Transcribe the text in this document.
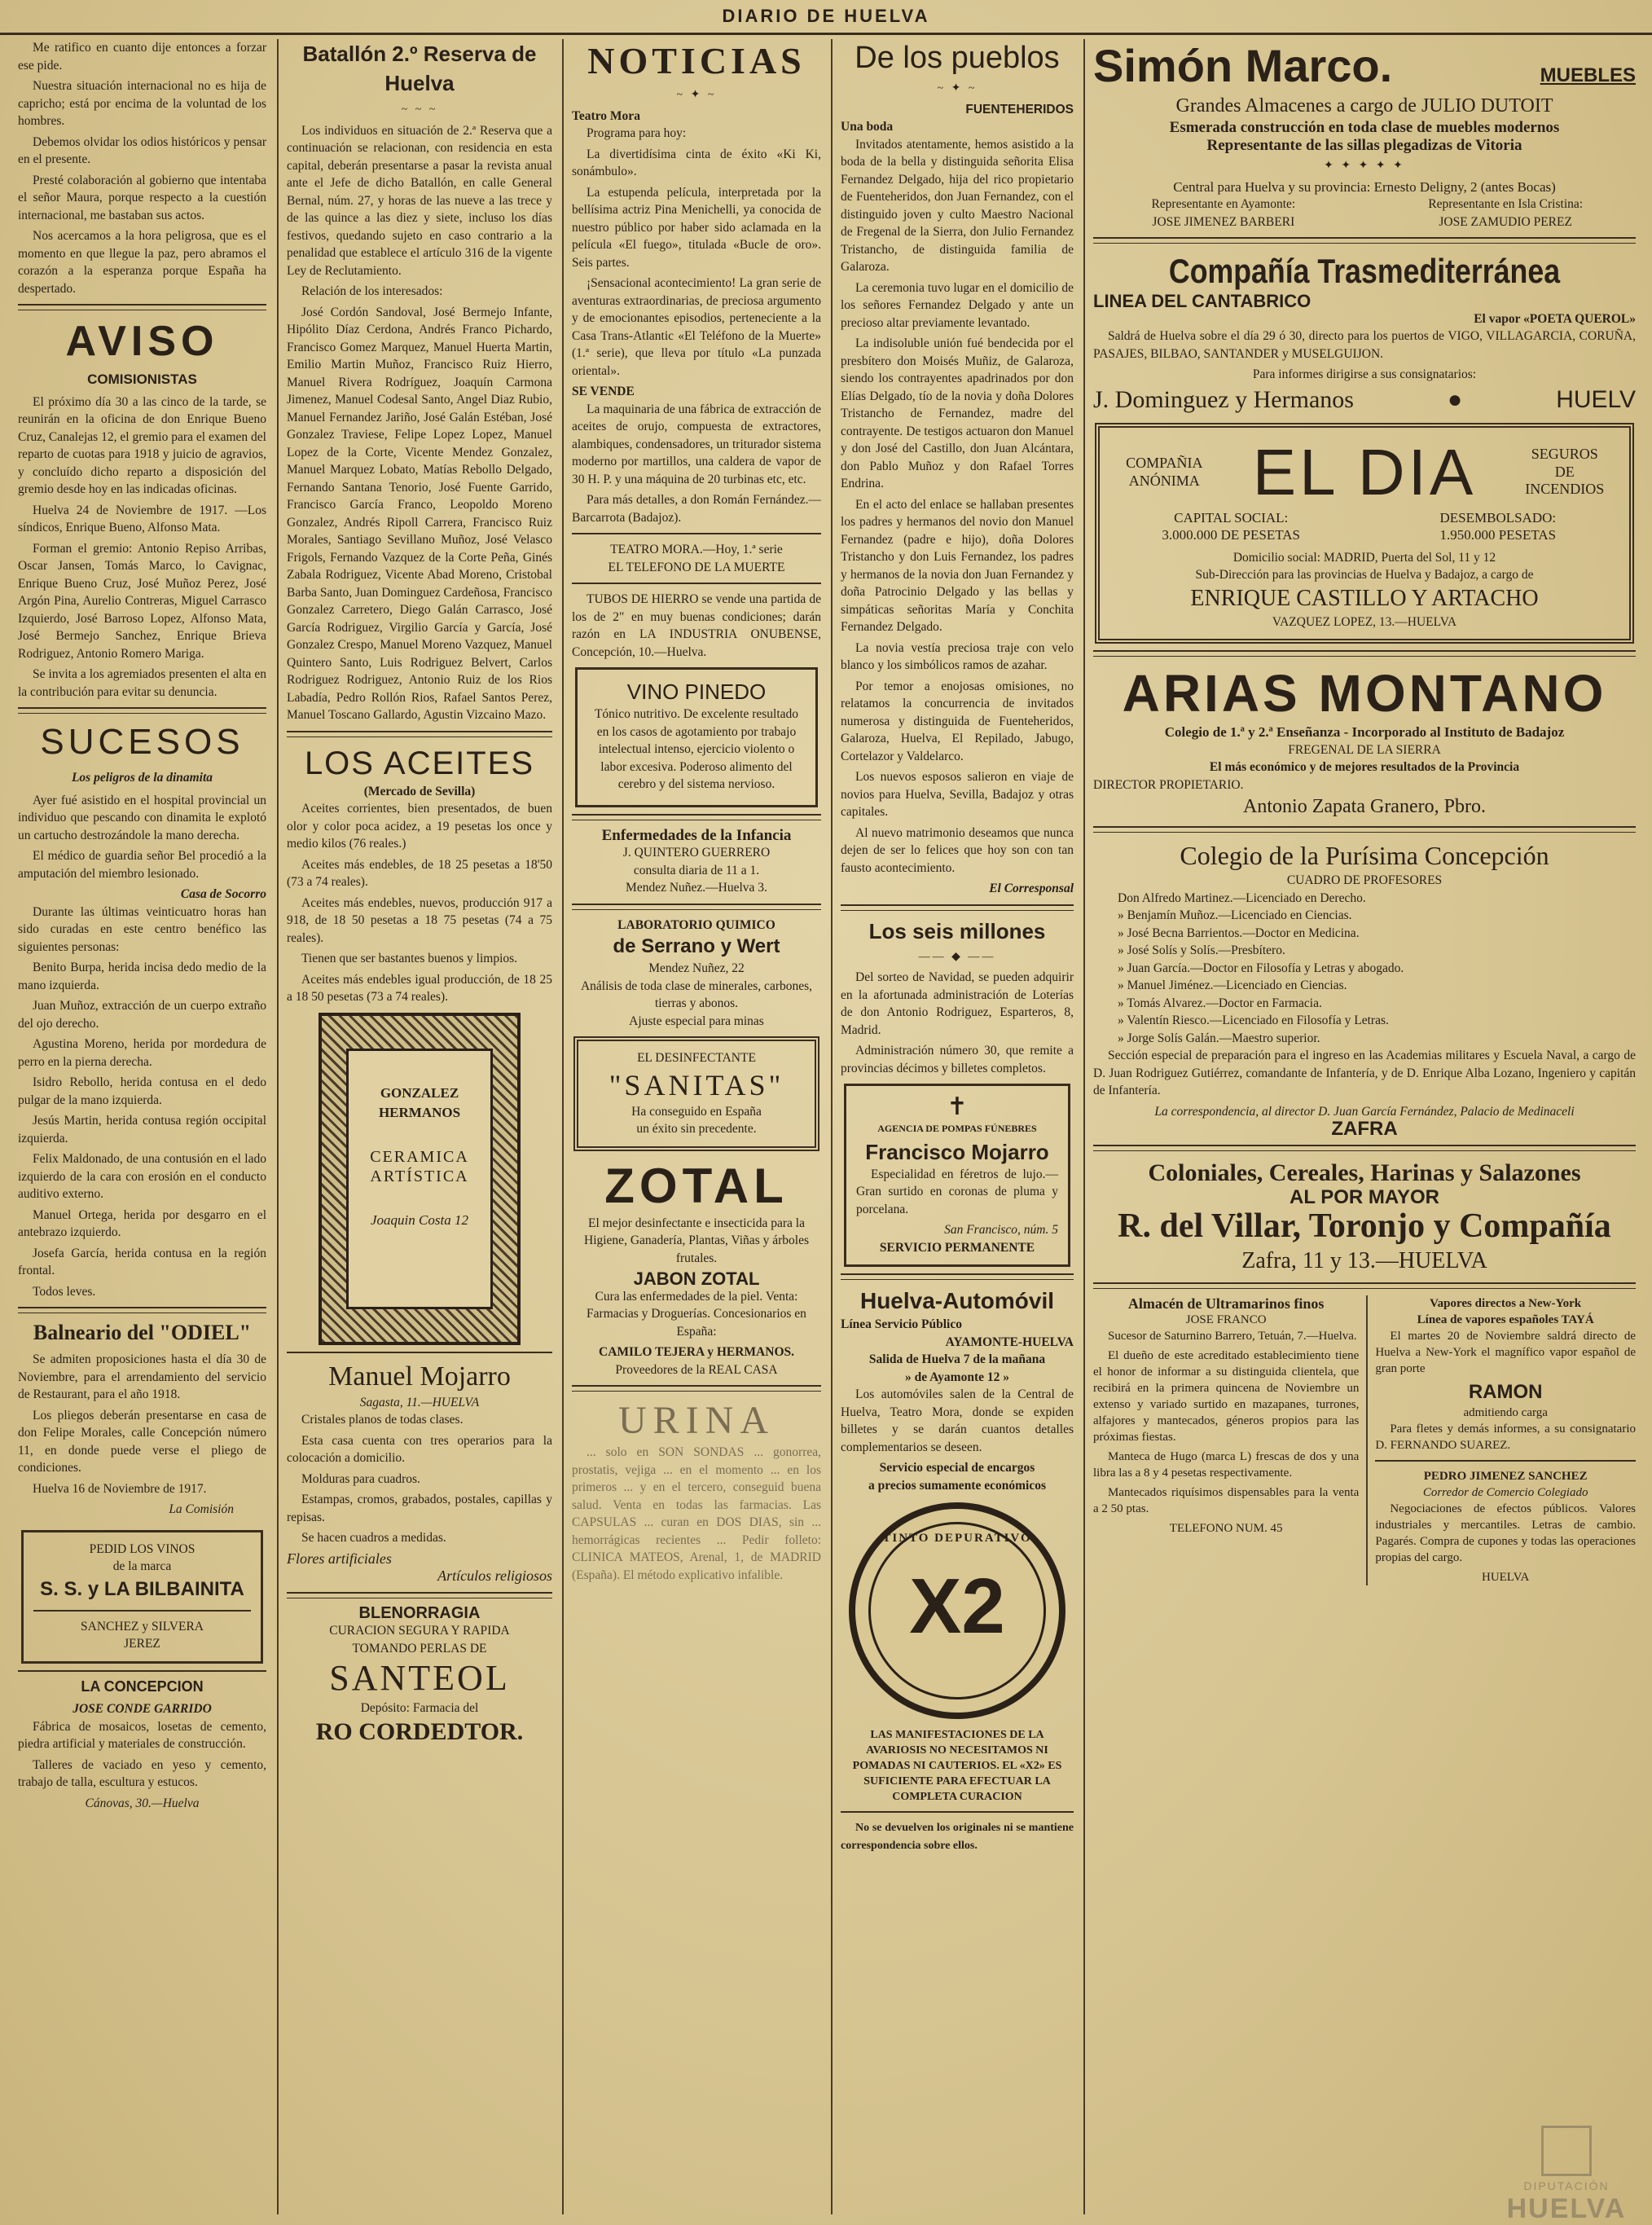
DIARIO DE HUELVA

Me ratifico en cuanto dije entonces a forzar ese pide.

Nuestra situación internacional no es hija de capricho; está por encima de la voluntad de los hombres.

Debemos olvidar los odios históricos y pensar en el presente.

Presté colaboración al gobierno que intentaba el señor Maura, porque respecto a la cuestión internacional, me bastaban sus actos.

Nos acercamos a la hora peligrosa, que es el momento en que llegue la paz, pero abramos el corazón a la esperanza porque España ha despertado.

AVISO
COMISIONISTAS

El próximo día 30 a las cinco de la tarde, se reunirán en la oficina de don Enrique Bueno Cruz, Canalejas 12, el gremio para el examen del reparto de cuotas para 1918 y juicio de agravios, y concluído dicho reparto a disposición del gremio desde hoy en las indicadas oficinas.

Huelva 24 de Noviembre de 1917. —Los síndicos, Enrique Bueno, Alfonso Mata.

Forman el gremio: Antonio Repiso Arribas, Oscar Jansen, Tomás Marco, lo Cavignac, Enrique Bueno Cruz, José Muñoz Perez, José Argón Pina, Aurelio Contreras, Miguel Carrasco Izquierdo, José Barroso Lopez, Alfonso Mata, José Bermejo Sanchez, Enrique Brieva Rodriguez, Antonio Romero Mariga.

Se invita a los agremiados presenten el alta en la contribución para evitar su denuncia.

SUCESOS
Los peligros de la dinamita

Ayer fué asistido en el hospital provincial un individuo que pescando con dinamita le explotó un cartucho destrozándole la mano derecha.

El médico de guardia señor Bel procedió a la amputación del miembro lesionado.

Casa de Socorro

Durante las últimas veinticuatro horas han sido curadas en este centro benéfico las siguientes personas:

Benito Burpa, herida incisa dedo medio de la mano izquierda.

Juan Muñoz, extracción de un cuerpo extraño del ojo derecho.

Agustina Moreno, herida por mordedura de perro en la pierna derecha.

Isidro Rebollo, herida contusa en el dedo pulgar de la mano izquierda.

Jesús Martin, herida contusa región occipital izquierda.

Felix Maldonado, de una contusión en el lado izquierdo de la cara con erosión en el conducto auditivo externo.

Manuel Ortega, herida por desgarro en el antebrazo izquierdo.

Josefa García, herida contusa en la región frontal.

Todos leves.

Balneario del "ODIEL"

Se admiten proposiciones hasta el día 30 de Noviembre, para el arrendamiento del servicio de Restaurant, para el año 1918.

Los pliegos deberán presentarse en casa de don Felipe Morales, calle Concepción número 11, en donde puede verse el pliego de condiciones.

Huelva 16 de Noviembre de 1917.

La Comisión
PEDID LOS VINOS
de la marca
S. S. y LA BILBAINITA
SANCHEZ y SILVERA
JEREZ
LA CONCEPCION
JOSE CONDE GARRIDO

Fábrica de mosaicos, losetas de cemento, piedra artificial y materiales de construcción.

Talleres de vaciado en yeso y cemento, trabajo de talla, escultura y estucos.

Cánovas, 30.—Huelva
Batallón 2.º Reserva de Huelva
~ ~ ~

Los individuos en situación de 2.ª Reserva que a continuación se relacionan, con residencia en esta capital, deberán presentarse a pasar la revista anual ante el Jefe de dicho Batallón, en calle General Bernal, núm. 27, y horas de las nueve a las trece y de las quince a las diez y siete, incluso los días festivos, quedando sujeto en caso contrario a la penalidad que establece el artículo 316 de la vigente Ley de Reclutamiento.

Relación de los interesados:

José Cordón Sandoval, José Bermejo Infante, Hipólito Díaz Cerdona, Andrés Franco Pichardo, Francisco Gomez Marquez, Manuel Huerta Martin, Emilio Martin Muñoz, Francisco Ruiz Hierro, Manuel Rivera Rodríguez, Joaquín Carmona Jimenez, Manuel Codesal Santo, Angel Diaz Rubio, Manuel Fernandez Jariño, José Galán Estéban, José Gonzalez Traviese, Felipe Lopez Lopez, Manuel Lopez de la Corte, Vicente Mendez Gonzalez, Manuel Marquez Lobato, Matías Rebollo Delgado, Fernando Santana Tenorio, José Fuente Garrido, Francisco García Franco, Leopoldo Moreno Gonzalez, Andrés Ripoll Carrera, Francisco Ruiz Morales, Santiago Sevillano Muñoz, José Velasco Frigols, Fernando Vazquez de la Corte Peña, Ginés Zabala Rodriguez, Vicente Abad Moreno, Cristobal Barba Santo, Juan Dominguez Cardeñosa, Francisco Gonzalez Carretero, Diego Galán Carrasco, José García Rodriguez, Virgilio García y García, José Gonzalez Crespo, Manuel Moreno Vazquez, Manuel Quintero Santo, Luis Rodriguez Belvert, Carlos Rodriguez Rodriguez, Antonio Ruiz de los Rios Labadía, Pedro Rollón Rios, Rafael Santos Perez, Manuel Toscano Gallardo, Agustin Vizcaino Mazo.

LOS ACEITES
(Mercado de Sevilla)

Aceites corrientes, bien presentados, de buen olor y color poca acidez, a 19 pesetas los once y medio kilos (76 reales.)

Aceites más endebles, de 18 25 pesetas a 18'50 (73 a 74 reales).

Aceites más endebles, nuevos, producción 917 a 918, de 18 50 pesetas a 18 75 pesetas (74 a 75 reales).

Tienen que ser bastantes buenos y limpios.

Aceites más endebles igual producción, de 18 25 a 18 50 pesetas (73 a 74 reales).

GONZALEZ HERMANOS
CERAMICA
ARTÍSTICA
Joaquin Costa 12
Manuel Mojarro
Sagasta, 11.—HUELVA

Cristales planos de todas clases.

Esta casa cuenta con tres operarios para la colocación a domicilio.

Molduras para cuadros.

Estampas, cromos, grabados, postales, capillas y repisas.

Se hacen cuadros a medidas.

Flores artificiales
Artículos religiosos
BLENORRAGIA
CURACION SEGURA Y RAPIDA
TOMANDO PERLAS DE
SANTEOL
Depósito: Farmacia del
RO CORDEDTOR.
NOTICIAS
~ ✦ ~
Teatro Mora

Programa para hoy:

La divertidísima cinta de éxito «Ki Ki, sonámbulo».

La estupenda película, interpretada por la bellísima actriz Pina Menichelli, ya conocida de nuestro público por haber sido aclamada en la película «El fuego», titulada «Bucle de oro». Seis partes.

¡Sensacional acontecimiento! La gran serie de aventuras extraordinarias, de preciosa argumento y de emocionantes episodios, perteneciente a la Casa Trans-Atlantic «El Teléfono de la Muerte» (1.ª serie), que lleva por título «La punzada oriental».

SE VENDE

La maquinaria de una fábrica de extracción de aceites de orujo, compuesta de extractores, alambiques, condensadores, un triturador sistema moderno por martillos, una caldera de vapor de 30 H. P. y una máquina de 20 turbinas etc, etc.

Para más detalles, a don Román Fernández.—Barcarrota (Badajoz).

TEATRO MORA.—Hoy, 1.ª serie
EL TELEFONO DE LA MUERTE

TUBOS DE HIERRO se vende una partida de los de 2" en muy buenas condiciones; darán razón en LA INDUSTRIA ONUBENSE, Concepción, 10.—Huelva.

VINO PINEDO

Tónico nutritivo. De excelente resultado en los casos de agotamiento por trabajo intelectual intenso, ejercicio violento o labor excesiva. Poderoso alimento del cerebro y del sistema nervioso.

Enfermedades de la Infancia
J. QUINTERO GUERRERO
consulta diaria de 11 a 1.
Mendez Nuñez.—Huelva 3.
LABORATORIO QUIMICO
de Serrano y Wert
Mendez Nuñez, 22
Análisis de toda clase de minerales, carbones, tierras y abonos.
Ajuste especial para minas
EL DESINFECTANTE
"SANITAS"
Ha conseguido en España
un éxito sin precedente.
ZOTAL

El mejor desinfectante e insecticida para la Higiene, Ganadería, Plantas, Viñas y árboles frutales.

JABON ZOTAL

Cura las enfermedades de la piel. Venta: Farmacias y Droguerías. Concesionarios en España:

CAMILO TEJERA y HERMANOS.
Proveedores de la REAL CASA
URINA

... solo en SON SONDAS ... gonorrea, prostatis, vejiga ... en el momento ... en los primeros ... y en el tercero, conseguid buena salud. Venta en todas las farmacias. Las CAPSULAS ... curan en DOS DIAS, sin ... hemorrágicas recientes ... Pedir folleto: CLINICA MATEOS, Arenal, 1, de MADRID (España). El método explicativo infalible.

De los pueblos
~ ✦ ~
FUENTEHERIDOS
Una boda

Invitados atentamente, hemos asistido a la boda de la bella y distinguida señorita Elisa Fernandez Delgado, hija del rico propietario de Fuenteheridos, don Juan Fernandez, con el distinguido joven y culto Maestro Nacional de Fregenal de la Sierra, don Julio Fernandez Tristancho, de distinguida familia de Galaroza.

La ceremonia tuvo lugar en el domicilio de los señores Fernandez Delgado y ante un precioso altar previamente levantado.

La indisoluble unión fué bendecida por el presbítero don Moisés Muñiz, de Galaroza, siendo los contrayentes apadrinados por don Elías Delgado, tío de la novia y doña Dolores Tristancho de Fernandez, madre del contrayente. De testigos actuaron don Manuel y don José del Castillo, don Juan Alcántara, don Pablo Muñoz y don Rafael Torres Endrina.

En el acto del enlace se hallaban presentes los padres y hermanos del novio don Manuel Fernandez (padre e hijo), doña Dolores Tristancho y don Luis Fernandez, los padres y hermanos de la novia don Juan Fernandez y doña Patrocinio Delgado y las bellas y simpáticas señoritas María y Conchita Fernandez Delgado.

La novia vestía preciosa traje con velo blanco y los simbólicos ramos de azahar.

Por temor a enojosas omisiones, no relatamos la concurrencia de invitados numerosa y distinguida de Fuenteheridos, Galaroza, Huelva, El Repilado, Jabugo, Cortelazor y Valdelarco.

Los nuevos esposos salieron en viaje de novios para Huelva, Sevilla, Badajoz y otras capitales.

Al nuevo matrimonio deseamos que nunca dejen de ser lo felices que hoy son con tan fausto acontecimiento.

El Corresponsal
Los seis millones
—— ◆ ——

Del sorteo de Navidad, se pueden adquirir en la afortunada administración de Loterías de don Antonio Rodriguez, Esparteros, 8, Madrid.

Administración número 30, que remite a provincias décimos y billetes completos.

✝
AGENCIA DE POMPAS FÚNEBRES
Francisco Mojarro

Especialidad en féretros de lujo.—Gran surtido en coronas de pluma y porcelana.

San Francisco, núm. 5
SERVICIO PERMANENTE
Huelva-Automóvil
Línea Servicio Público
AYAMONTE-HUELVA
Salida de Huelva 7 de la mañana
» de Ayamonte 12 »

Los automóviles salen de la Central de Huelva, Teatro Mora, donde se expiden billetes y se darán cuantos detalles complementarios se deseen.

Servicio especial de encargos
a precios sumamente económicos
TINTO DEPURATIVO
X2

LAS MANIFESTACIONES DE LA AVARIOSIS NO NECESITAMOS NI POMADAS NI CAUTERIOS. EL «X2» ES SUFICIENTE PARA EFECTUAR LA COMPLETA CURACION

No se devuelven los originales ni se mantiene correspondencia sobre ellos.

Simón Marco.	MUEBLES
Grandes Almacenes a cargo de JULIO DUTOIT
Esmerada construcción en toda clase de muebles modernos
Representante de las sillas plegadizas de Vitoria
✦ ✦ ✦ ✦ ✦
Central para Huelva y su provincia: Ernesto Deligny, 2 (antes Bocas)
Representante en Ayamonte:
JOSE JIMENEZ BARBERI
Representante en Isla Cristina:
JOSE ZAMUDIO PEREZ
Compañía Trasmediterránea
LINEA DEL CANTABRICO
El vapor «POETA QUEROL»

Saldrá de Huelva sobre el día 29 ó 30, directo para los puertos de VIGO, VILLAGARCIA, CORUÑA, PASAJES, BILBAO, SANTANDER y MUSELGUIJON.

Para informes dirigirse a sus consignatarios:
J. Dominguez y Hermanos	●	HUELV
COMPAÑIA
ANÓNIMA EL DIA	SEGUROS
DE
INCENDIOS
CAPITAL SOCIAL:
3.000.000 DE PESETAS
DESEMBOLSADO:
1.950.000 PESETAS
Domicilio social: MADRID, Puerta del Sol, 11 y 12
Sub-Dirección para las provincias de Huelva y Badajoz, a cargo de
ENRIQUE CASTILLO Y ARTACHO
VAZQUEZ LOPEZ, 13.—HUELVA
ARIAS MONTANO
Colegio de 1.ª y 2.ª Enseñanza - Incorporado al Instituto de Badajoz
FREGENAL DE LA SIERRA
El más económico y de mejores resultados de la Provincia
DIRECTOR PROPIETARIO.
Antonio Zapata Granero, Pbro.
Colegio de la Purísima Concepción
CUADRO DE PROFESORES
Don Alfredo Martinez.—Licenciado en Derecho.
» Benjamín Muñoz.—Licenciado en Ciencias.
» José Becna Barrientos.—Doctor en Medicina.
» José Solís y Solís.—Presbítero.
» Juan García.—Doctor en Filosofía y Letras y abogado.
» Manuel Jiménez.—Licenciado en Ciencias.
» Tomás Alvarez.—Doctor en Farmacia.
» Valentín Riesco.—Licenciado en Filosofía y Letras.
» Jorge Solís Galán.—Maestro superior.

Sección especial de preparación para el ingreso en las Academias militares y Escuela Naval, a cargo de D. Juan Rodriguez Gutiérrez, comandante de Infantería, y de D. Enrique Alba Lozano, Ingeniero y capitán de Infantería.

La correspondencia, al director D. Juan García Fernández, Palacio de Medinaceli
ZAFRA
Coloniales, Cereales, Harinas y Salazones
AL POR MAYOR
R. del Villar, Toronjo y Compañía
Zafra, 11 y 13.—HUELVA
Almacén de Ultramarinos finos
JOSE FRANCO

Sucesor de Saturnino Barrero, Tetuán, 7.—Huelva.

El dueño de este acreditado establecimiento tiene el honor de informar a su distinguida clientela, que recibirá en la primera quincena de Noviembre un extenso y variado surtido en mazapanes, turrones, alfajores y mantecados, géneros propios para las próximas fiestas.

Manteca de Hugo (marca L) frescas de dos y una libra las a 8 y 4 pesetas respectivamente.

Mantecados riquísimos dispensables para la venta a 2 50 ptas.

TELEFONO NUM. 45
Vapores directos a New-York
Línea de vapores españoles TAYÁ

El martes 20 de Noviembre saldrá directo de Huelva a New-York el magnífico vapor español de gran porte

RAMON
admitiendo carga

Para fletes y demás informes, a su consignatario D. FERNANDO SUAREZ.

PEDRO JIMENEZ SANCHEZ
Corredor de Comercio Colegiado

Negociaciones de efectos públicos. Valores industriales y mercantiles. Letras de cambio. Pagarés. Compra de cupones y todas las operaciones propias del cargo.

HUELVA
DIPUTACIÓN
HUELVA
